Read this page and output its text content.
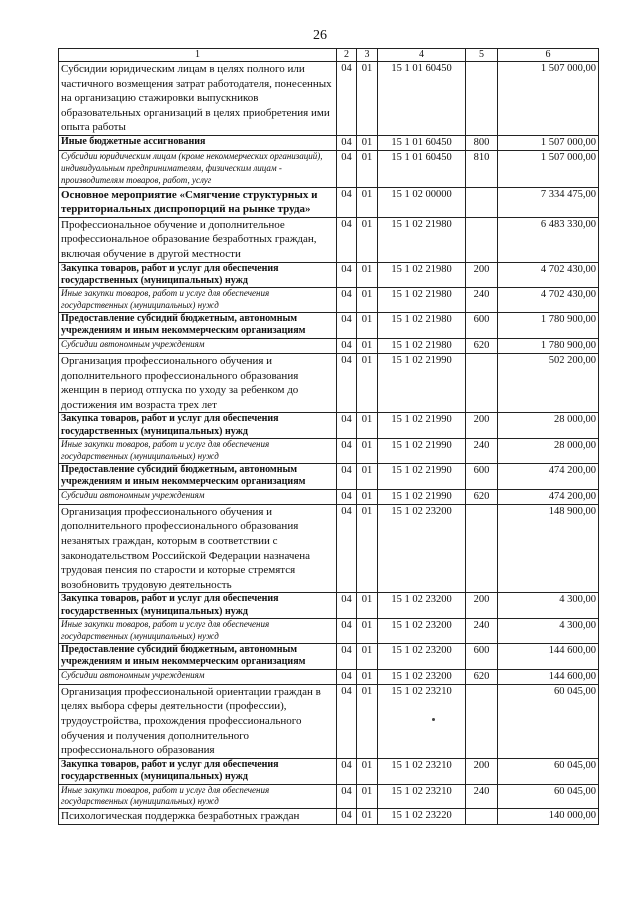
26
1	2	3	4	5	6
Субсидии юридическим лицам в целях полного или частичного возмещения затрат работодателя, понесенных на организацию стажировки выпускников образовательных организаций в целях приобретения ими опыта работы	04	01	15 1 01 60450		1 507 000,00
Иные бюджетные ассигнования	04	01	15 1 01 60450	800	1 507 000,00
Субсидии юридическим лицам (кроме некоммерческих организаций), индивидуальным предпринимателям, физическим лицам - производителям товаров, работ, услуг	04	01	15 1 01 60450	810	1 507 000,00
Основное мероприятие «Смягчение структурных и территориальных диспропорций на рынке труда»	04	01	15 1 02 00000		7 334 475,00
Профессиональное обучение и дополнительное профессиональное образование безработных граждан, включая обучение в другой местности	04	01	15 1 02 21980		6 483 330,00
Закупка товаров, работ и услуг для обеспечения государственных (муниципальных) нужд	04	01	15 1 02 21980	200	4 702 430,00
Иные закупки товаров, работ и услуг для обеспечения государственных (муниципальных) нужд	04	01	15 1 02 21980	240	4 702 430,00
Предоставление субсидий бюджетным, автономным учреждениям и иным некоммерческим организациям	04	01	15 1 02 21980	600	1 780 900,00
Субсидии автономным учреждениям	04	01	15 1 02 21980	620	1 780 900,00
Организация профессионального обучения и дополнительного профессионального образования женщин в период отпуска по уходу за ребенком до достижения им возраста трех лет	04	01	15 1 02 21990		502 200,00
Закупка товаров, работ и услуг для обеспечения государственных (муниципальных) нужд	04	01	15 1 02 21990	200	28 000,00
Иные закупки товаров, работ и услуг для обеспечения государственных (муниципальных) нужд	04	01	15 1 02 21990	240	28 000,00
Предоставление субсидий бюджетным, автономным учреждениям и иным некоммерческим организациям	04	01	15 1 02 21990	600	474 200,00
Субсидии автономным учреждениям	04	01	15 1 02 21990	620	474 200,00
Организация профессионального обучения и дополнительного профессионального образования незанятых граждан, которым в соответствии с законодательством Российской Федерации назначена трудовая пенсия по старости и которые стремятся возобновить трудовую деятельность	04	01	15 1 02 23200		148 900,00
Закупка товаров, работ и услуг для обеспечения государственных (муниципальных) нужд	04	01	15 1 02 23200	200	4 300,00
Иные закупки товаров, работ и услуг для обеспечения государственных (муниципальных) нужд	04	01	15 1 02 23200	240	4 300,00
Предоставление субсидий бюджетным, автономным учреждениям и иным некоммерческим организациям	04	01	15 1 02 23200	600	144 600,00
Субсидии автономным учреждениям	04	01	15 1 02 23200	620	144 600,00
Организация профессиональной ориентации граждан в целях выбора сферы деятельности (профессии), трудоустройства, прохождения профессионального обучения и получения дополнительного профессионального образования	04	01	15 1 02 23210		60 045,00
Закупка товаров, работ и услуг для обеспечения государственных (муниципальных) нужд	04	01	15 1 02 23210	200	60 045,00
Иные закупки товаров, работ и услуг для обеспечения государственных (муниципальных) нужд	04	01	15 1 02 23210	240	60 045,00
Психологическая поддержка безработных граждан	04	01	15 1 02 23220		140 000,00
